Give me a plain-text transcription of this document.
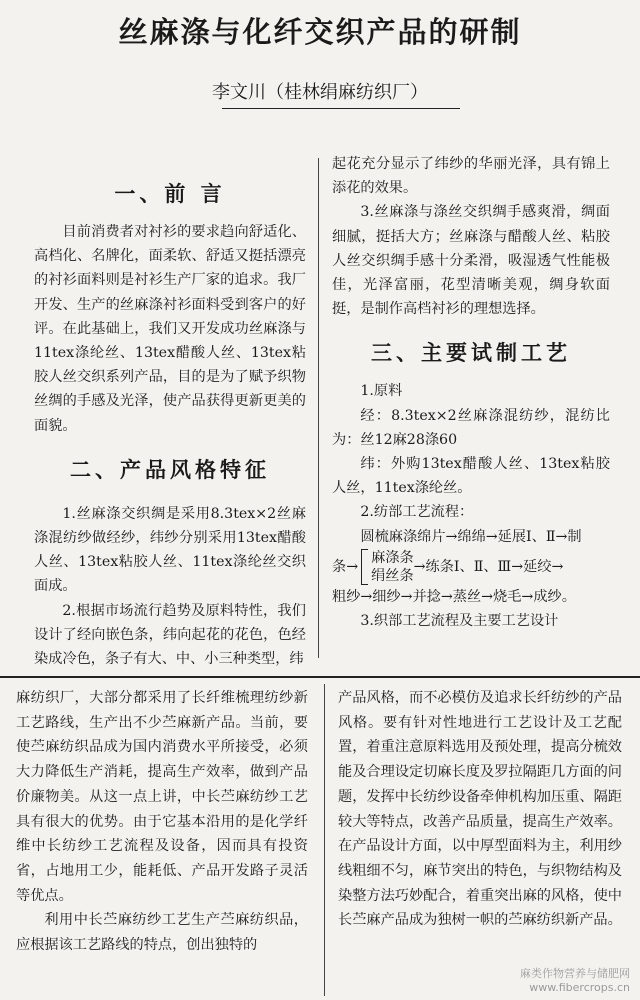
丝麻涤与化纤交织产品的研制
李文川（桂林绢麻纺织厂）
一、前 言

目前消费者对衬衫的要求趋向舒适化、高档化、名牌化，面柔软、舒适又挺括漂亮的衬衫面料则是衬衫生产厂家的追求。我厂开发、生产的丝麻涤衬衫面料受到客户的好评。在此基础上，我们又开发成功丝麻涤与11tex涤纶丝、13tex醋酸人丝、13tex粘胶人丝交织系列产品，目的是为了赋予织物丝绸的手感及光泽，使产品获得更新更美的面貌。

二、产品风格特征

1.丝麻涤交织绸是采用8.3tex×2丝麻涤混纺纱做经纱，纬纱分别采用13tex醋酸人丝、13tex粘胶人丝、11tex涤纶丝交织面成。

2.根据市场流行趋势及原料特性，我们设计了经向嵌色条，纬向起花的花色，色经染成冷色，条子有大、中、小三种类型，纬

起花充分显示了纬纱的华丽光泽，具有锦上添花的效果。

3.丝麻涤与涤丝交织绸手感爽滑，绸面细腻，挺括大方；丝麻涤与醋酸人丝、粘胶人丝交织绸手感十分柔滑，吸湿透气性能极佳，光泽富丽，花型清晰美观，绸身软面挺，是制作高档衬衫的理想选择。

三、主要试制工艺

1.原料

经：8.3tex×2丝麻涤混纺纱，混纺比为：丝12麻28涤60

纬：外购13tex醋酸人丝、13tex粘胶人丝，11tex涤纶丝。

2.纺部工艺流程：

圆梳麻涤绵片→绵绵→延展Ⅰ、Ⅱ→制

条→
麻涤条
绢丝条
→练条Ⅰ、Ⅱ、Ⅲ→延绞→

粗纱→细纱→并捻→蒸丝→烧毛→成纱。

3.织部工艺流程及主要工艺设计

麻纺织厂，大部分都采用了长纤维梳理纺纱新工艺路线，生产出不少苎麻新产品。当前，要使苎麻纺织品成为国内消费水平所接受，必须大力降低生产消耗，提高生产效率，做到产品价廉物美。从这一点上讲，中长苎麻纺纱工艺具有很大的优势。由于它基本沿用的是化学纤维中长纺纱工艺流程及设备，因而具有投资省，占地用工少，能耗低、产品开发路子灵活等优点。

利用中长苎麻纺纱工艺生产苎麻纺织品，应根据该工艺路线的特点，创出独特的

产品风格，而不必模仿及追求长纤纺纱的产品风格。要有针对性地进行工艺设计及工艺配置，着重注意原料选用及预处理，提高分梳效能及合理设定切麻长度及罗拉隔距几方面的问题，发挥中长纺纱设备牵伸机构加压重、隔距较大等特点，改善产品质量，提高生产效率。在产品设计方面，以中厚型面料为主，利用纱线粗细不匀，麻节突出的特色，与织物结构及染整方法巧妙配合，着重突出麻的风格，使中长苎麻产品成为独树一帜的苎麻纺织新产品。

麻类作物营养与储肥网
www.fibercrops.cn
